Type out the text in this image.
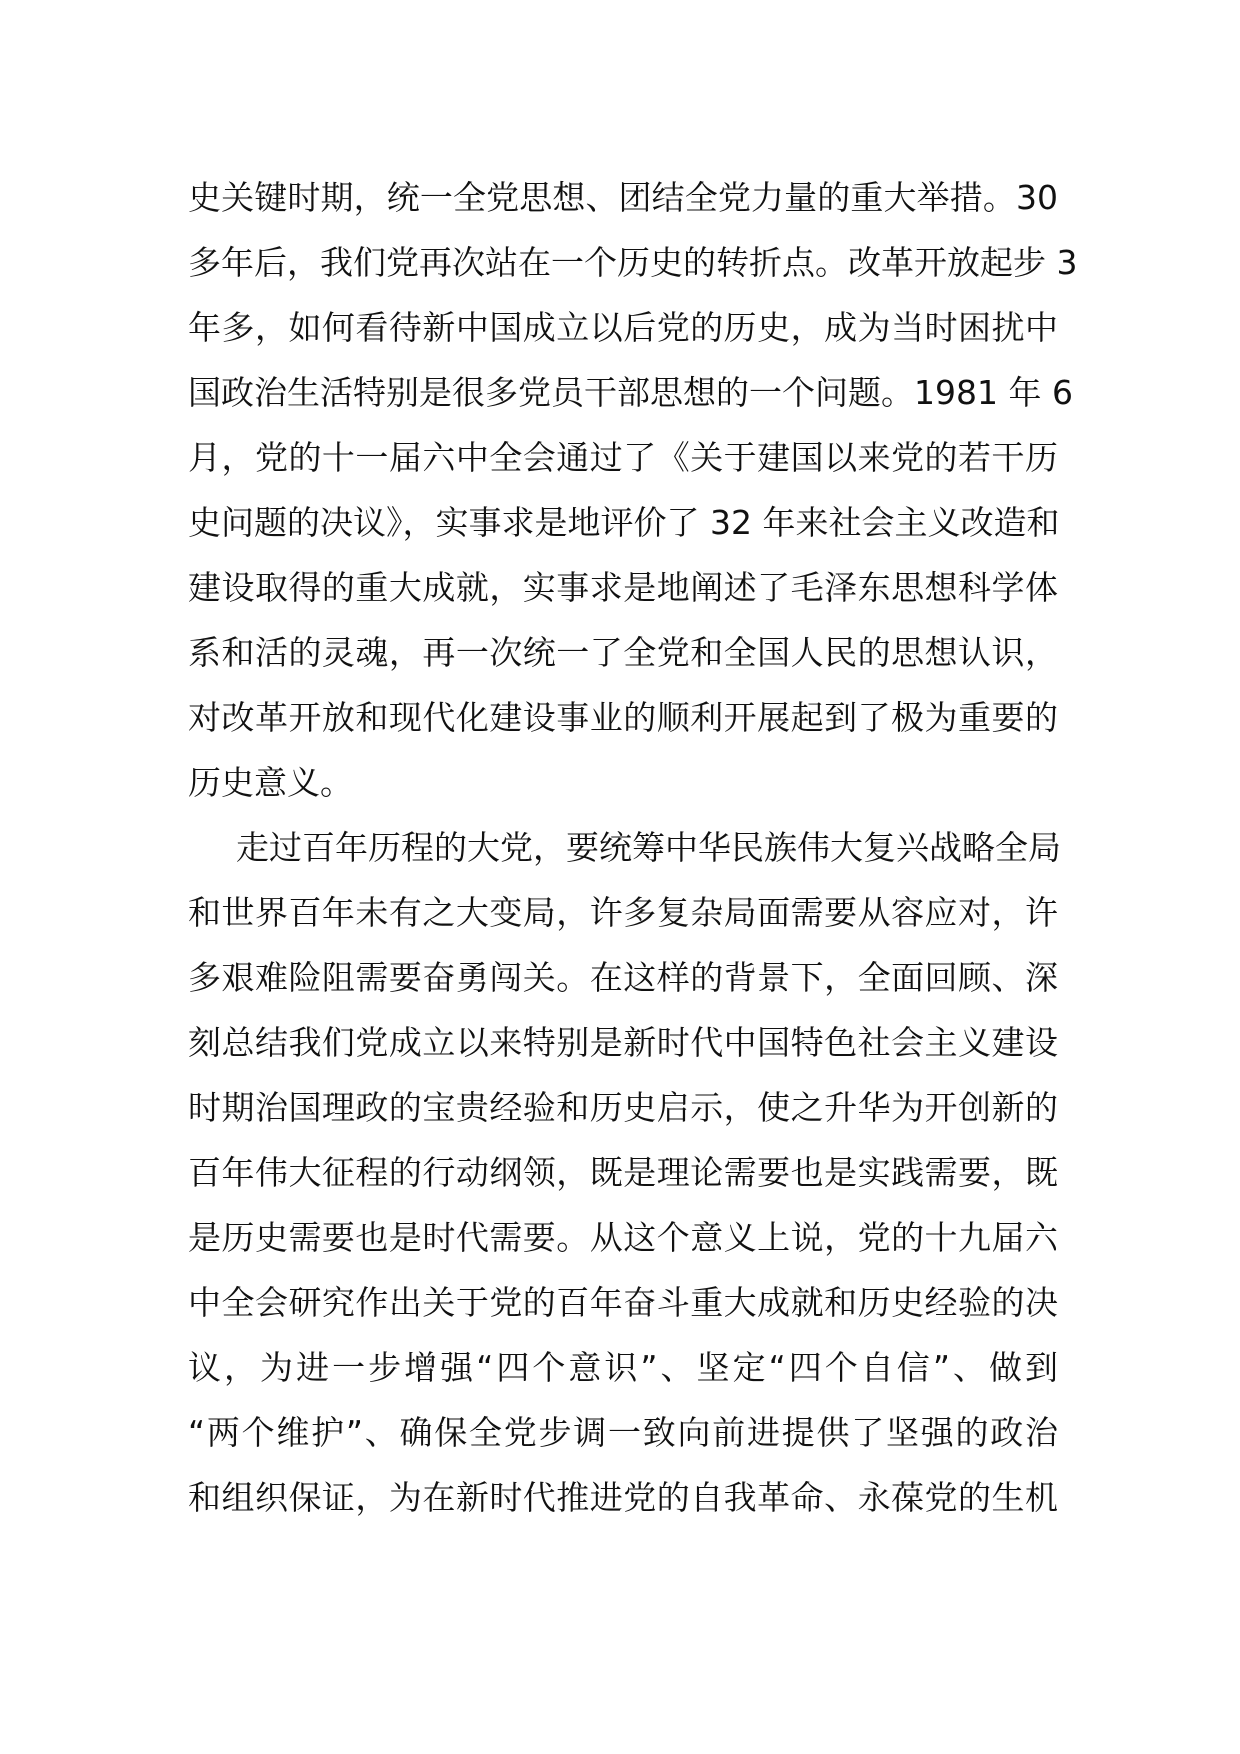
史关键时期，统一全党思想、团结全党力量的重大举措。30
多年后，我们党再次站在一个历史的转折点。改革开放起步 3
年多，如何看待新中国成立以后党的历史，成为当时困扰中
国政治生活特别是很多党员干部思想的一个问题。1981 年 6
月，党的十一届六中全会通过了《关于建国以来党的若干历
史问题的决议》，实事求是地评价了 32 年来社会主义改造和
建设取得的重大成就，实事求是地阐述了毛泽东思想科学体
系和活的灵魂，再一次统一了全党和全国人民的思想认识，
对改革开放和现代化建设事业的顺利开展起到了极为重要的
历史意义。
走过百年历程的大党，要统筹中华民族伟大复兴战略全局
和世界百年未有之大变局，许多复杂局面需要从容应对，许
多艰难险阻需要奋勇闯关。在这样的背景下，全面回顾、深
刻总结我们党成立以来特别是新时代中国特色社会主义建设
时期治国理政的宝贵经验和历史启示，使之升华为开创新的
百年伟大征程的行动纲领，既是理论需要也是实践需要，既
是历史需要也是时代需要。从这个意义上说，党的十九届六
中全会研究作出关于党的百年奋斗重大成就和历史经验的决
议，为进一步增强“四个意识”、坚定“四个自信”、做到
“两个维护”、确保全党步调一致向前进提供了坚强的政治
和组织保证，为在新时代推进党的自我革命、永葆党的生机
